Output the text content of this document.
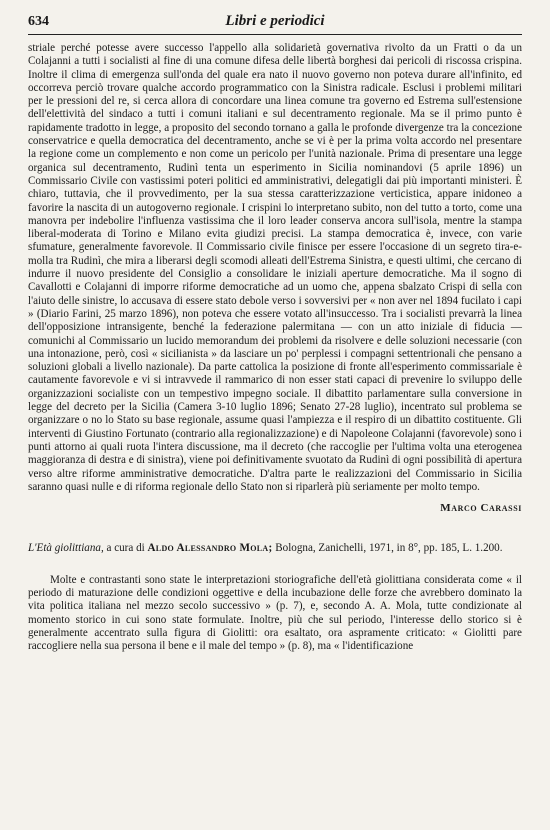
634	Libri e periodici

striale perché potesse avere successo l'appello alla solidarietà governativa rivolto da un Fratti o da un Colajanni a tutti i socialisti al fine di una comune difesa delle libertà borghesi dai pericoli di riscossa crispina. Inoltre il clima di emergenza sull'onda del quale era nato il nuovo governo non poteva durare all'infinito, ed occorreva perciò trovare qualche accordo programmatico con la Sinistra radicale. Esclusi i problemi militari per le pressioni del re, si cerca allora di concordare una linea comune tra governo ed Estrema sull'estensione dell'elettività del sindaco a tutti i comuni italiani e sul decentramento regionale. Ma se il primo punto è rapidamente tradotto in legge, a proposito del secondo tornano a galla le profonde divergenze tra la concezione conservatrice e quella democratica del decentramento, anche se vi è per la prima volta accordo nel presentare la regione come un complemento e non come un pericolo per l'unità nazionale. Prima di presentare una legge organica sul decentramento, Rudinì tenta un esperimento in Sicilia nominandovi (5 aprile 1896) un Commissario Civile con vastissimi poteri politici ed amministrativi, delegatigli dai più importanti ministeri. È chiaro, tuttavia, che il provvedimento, per la sua stessa caratterizzazione verticistica, appare inidoneo a favorire la nascita di un autogoverno regionale. I crispini lo interpretano subito, non del tutto a torto, come una manovra per indebolire l'influenza vastissima che il loro leader conserva ancora sull'isola, mentre la stampa liberal-moderata di Torino e Milano evita giudizi precisi. La stampa democratica è, invece, con varie sfumature, generalmente favorevole. Il Commissario civile finisce per essere l'occasione di un segreto tira-e-molla tra Rudinì, che mira a liberarsi degli scomodi alleati dell'Estrema Sinistra, e questi ultimi, che cercano di indurre il nuovo presidente del Consiglio a consolidare le iniziali aperture democratiche. Ma il sogno di Cavallotti e Colajanni di imporre riforme democratiche ad un uomo che, appena sbalzato Crispi di sella con l'aiuto delle sinistre, lo accusava di essere stato debole verso i sovversivi per « non aver nel 1894 fucilato i capi » (Diario Farini, 25 marzo 1896), non poteva che essere votato all'insuccesso. Tra i socialisti prevarrà la linea dell'opposizione intransigente, benché la federazione palermitana — con un atto iniziale di fiducia — comunichi al Commissario un lucido memorandum dei problemi da risolvere e delle soluzioni necessarie (con una intonazione, però, così « sicilianista » da lasciare un po' perplessi i compagni settentrionali che pensano a soluzioni globali a livello nazionale). Da parte cattolica la posizione di fronte all'esperimento commissariale è cautamente favorevole e vi si intravvede il rammarico di non esser stati capaci di prevenire lo sviluppo delle organizzazioni socialiste con un tempestivo impegno sociale. Il dibattito parlamentare sulla conversione in legge del decreto per la Sicilia (Camera 3-10 luglio 1896; Senato 27-28 luglio), incentrato sul problema se organizzare o no lo Stato su base regionale, assume quasi l'ampiezza e il respiro di un dibattito costituente. Gli interventi di Giustino Fortunato (contrario alla regionalizzazione) e di Napoleone Colajanni (favorevole) sono i punti attorno ai quali ruota l'intera discussione, ma il decreto (che raccoglie per l'ultima volta una eterogenea maggioranza di destra e di sinistra), viene poi definitivamente svuotato da Rudinì di ogni possibilità di apertura verso altre riforme amministrative democratiche. D'altra parte le realizzazioni del Commissario in Sicilia saranno quasi nulle e di riforma regionale dello Stato non si riparlerà più seriamente per molto tempo.

Marco Carassi

L'Età giolittiana, a cura di Aldo Alessandro Mola; Bologna, Zanichelli, 1971, in 8°, pp. 185, L. 1.200.

Molte e contrastanti sono state le interpretazioni storiografiche dell'età giolittiana considerata come « il periodo di maturazione delle condizioni oggettive e della incubazione delle forze che avrebbero dominato la vita politica italiana nel mezzo secolo successivo » (p. 7), e, secondo A. A. Mola, tutte condizionate al momento storico in cui sono state formulate. Inoltre, più che sul periodo, l'interesse dello storico si è generalmente accentrato sulla figura di Giolitti: ora esaltato, ora aspramente criticato: « Giolitti pare raccogliere nella sua persona il bene e il male del tempo » (p. 8), ma « l'identificazione
